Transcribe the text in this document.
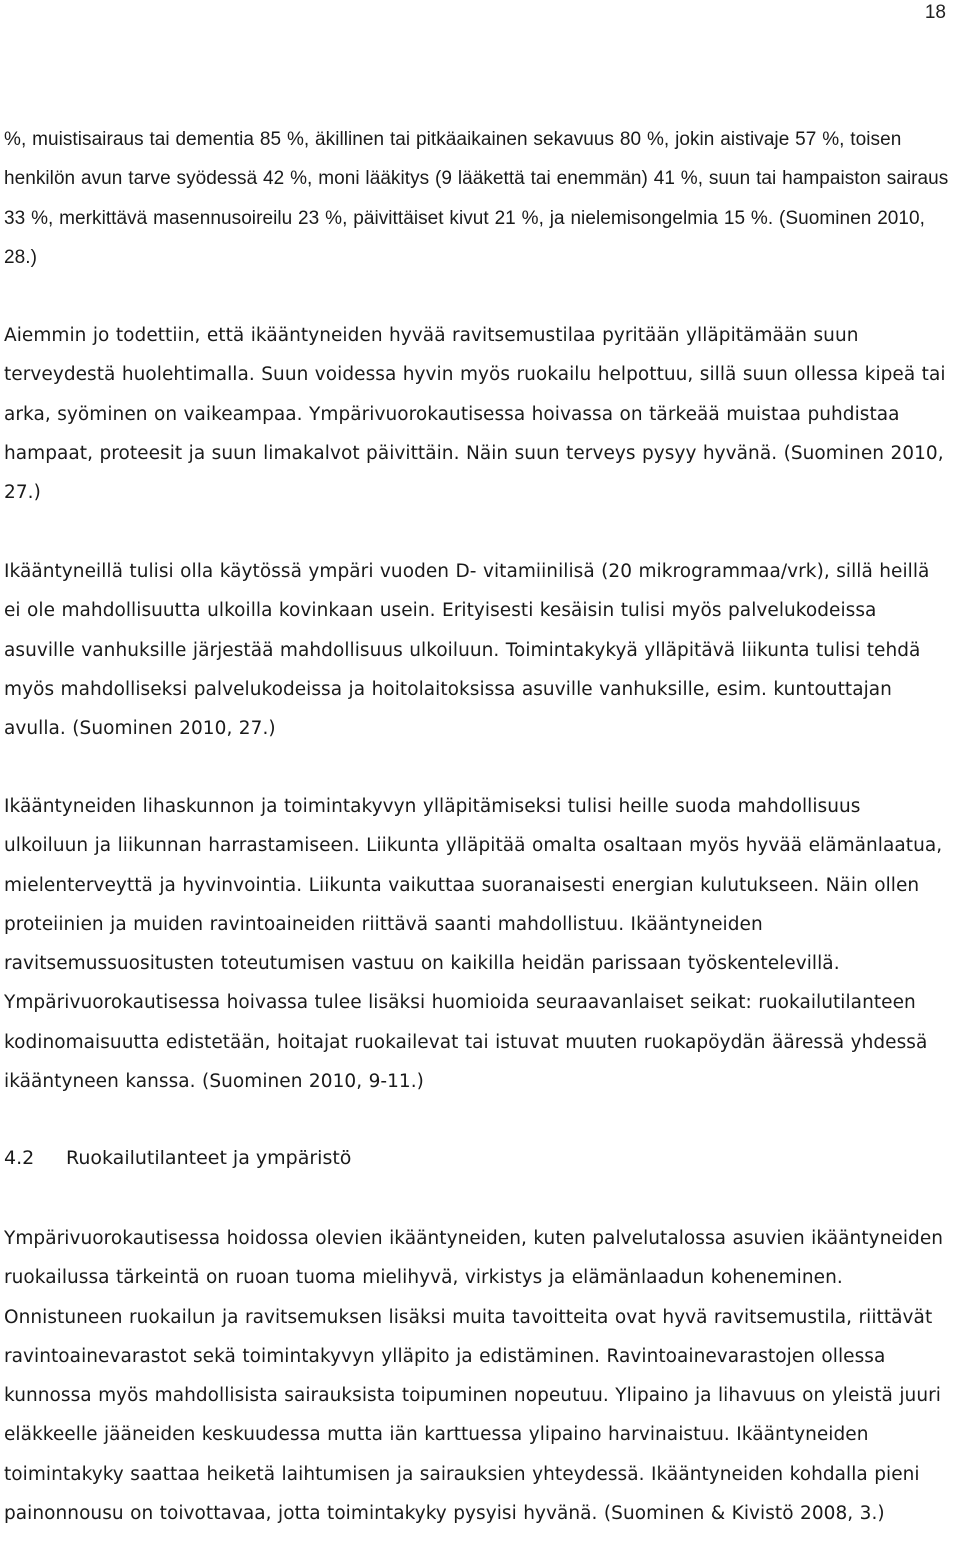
18

%, muistisairaus tai dementia 85 %, äkillinen tai pitkäaikainen sekavuus 80 %, jokin aistivaje 57 %, toisen henkilön avun tarve syödessä 42 %, moni lääkitys (9 lääkettä tai enemmän) 41 %, suun tai hampaiston sairaus 33 %, merkittävä masennusoireilu 23 %, päivittäiset kivut 21 %, ja nielemisongelmia 15 %. (Suominen 2010, 28.)

Aiemmin jo todettiin, että ikääntyneiden hyvää ravitsemustilaa pyritään ylläpitämään suun terveydestä huolehtimalla. Suun voidessa hyvin myös ruokailu helpottuu, sillä suun ollessa kipeä tai arka, syöminen on vaikeampaa. Ympärivuorokautisessa hoivassa on tärkeää muistaa puhdistaa hampaat, proteesit ja suun limakalvot päivittäin. Näin suun terveys pysyy hyvänä. (Suominen 2010, 27.)

Ikääntyneillä tulisi olla käytössä ympäri vuoden D- vitamiinilisä (20 mikrogrammaa/vrk), sillä heillä ei ole mahdollisuutta ulkoilla kovinkaan usein. Erityisesti kesäisin tulisi myös palvelukodeissa asuville vanhuksille järjestää mahdollisuus ulkoiluun. Toimintakykyä ylläpitävä liikunta tulisi tehdä myös mahdolliseksi palvelukodeissa ja hoitolaitoksissa asuville vanhuksille, esim. kuntouttajan avulla. (Suominen 2010, 27.)

Ikääntyneiden lihaskunnon ja toimintakyvyn ylläpitämiseksi tulisi heille suoda mahdollisuus ulkoiluun ja liikunnan harrastamiseen. Liikunta ylläpitää omalta osaltaan myös hyvää elämänlaatua, mielenterveyttä ja hyvinvointia. Liikunta vaikuttaa suoranaisesti energian kulutukseen. Näin ollen proteiinien ja muiden ravintoaineiden riittävä saanti mahdollistuu. Ikääntyneiden ravitsemussuositusten toteutumisen vastuu on kaikilla heidän parissaan työskentelevillä. Ympärivuorokautisessa hoivassa tulee lisäksi huomioida seuraavanlaiset seikat: ruokailutilanteen kodinomaisuutta edistetään, hoitajat ruokailevat tai istuvat muuten ruokapöydän ääressä yhdessä ikääntyneen kanssa. (Suominen 2010, 9-11.)

4.2 Ruokailutilanteet ja ympäristö

Ympärivuorokautisessa hoidossa olevien ikääntyneiden, kuten palvelutalossa asuvien ikääntyneiden ruokailussa tärkeintä on ruoan tuoma mielihyvä, virkistys ja elämänlaadun koheneminen. Onnistuneen ruokailun ja ravitsemuksen lisäksi muita tavoitteita ovat hyvä ravitsemustila, riittävät ravintoainevarastot sekä toimintakyvyn ylläpito ja edistäminen. Ravintoainevarastojen ollessa kunnossa myös mahdollisista sairauksista toipuminen nopeutuu. Ylipaino ja lihavuus on yleistä juuri eläkkeelle jääneiden keskuudessa mutta iän karttuessa ylipaino harvinaistuu. Ikääntyneiden toimintakyky saattaa heiketä laihtumisen ja sairauksien yhteydessä. Ikääntyneiden kohdalla pieni painonnousu on toivottavaa, jotta toimintakyky pysyisi hyvänä. (Suominen & Kivistö 2008, 3.)
